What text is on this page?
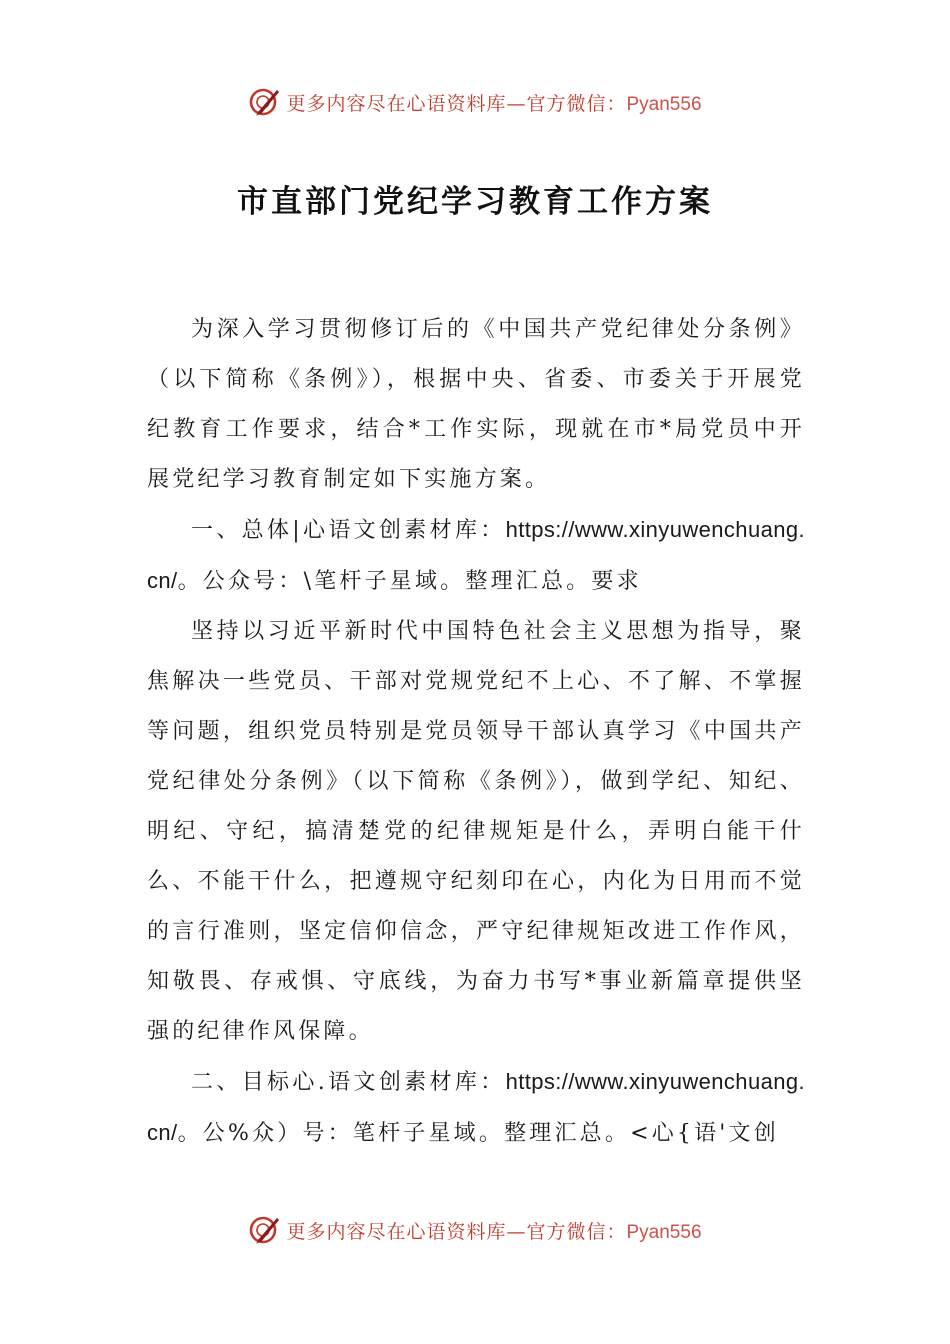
更多内容尽在心语资料库—官方微信：Pyan556
市直部门党纪学习教育工作方案

为深入学习贯彻修订后的《中国共产党纪律处分条例》（以下简称《条例》），根据中央、省委、市委关于开展党纪教育工作要求，结合*工作实际，现就在市*局党员中开展党纪学习教育制定如下实施方案。

一、总体|心语文创素材库：https://www.xinyuwenchuang.cn/。公众号：\笔杆子星域。整理汇总。要求

坚持以习近平新时代中国特色社会主义思想为指导，聚焦解决一些党员、干部对党规党纪不上心、不了解、不掌握等问题，组织党员特别是党员领导干部认真学习《中国共产党纪律处分条例》（以下简称《条例》），做到学纪、知纪、明纪、守纪，搞清楚党的纪律规矩是什么，弄明白能干什么、不能干什么，把遵规守纪刻印在心，内化为日用而不觉的言行准则，坚定信仰信念，严守纪律规矩改进工作作风，知敬畏、存戒惧、守底线，为奋力书写*事业新篇章提供坚强的纪律作风保障。

二、目标心.语文创素材库：https://www.xinyuwenchuang.cn/。公%众）号：笔杆子星域。整理汇总。<心{语'文创

更多内容尽在心语资料库—官方微信：Pyan556
